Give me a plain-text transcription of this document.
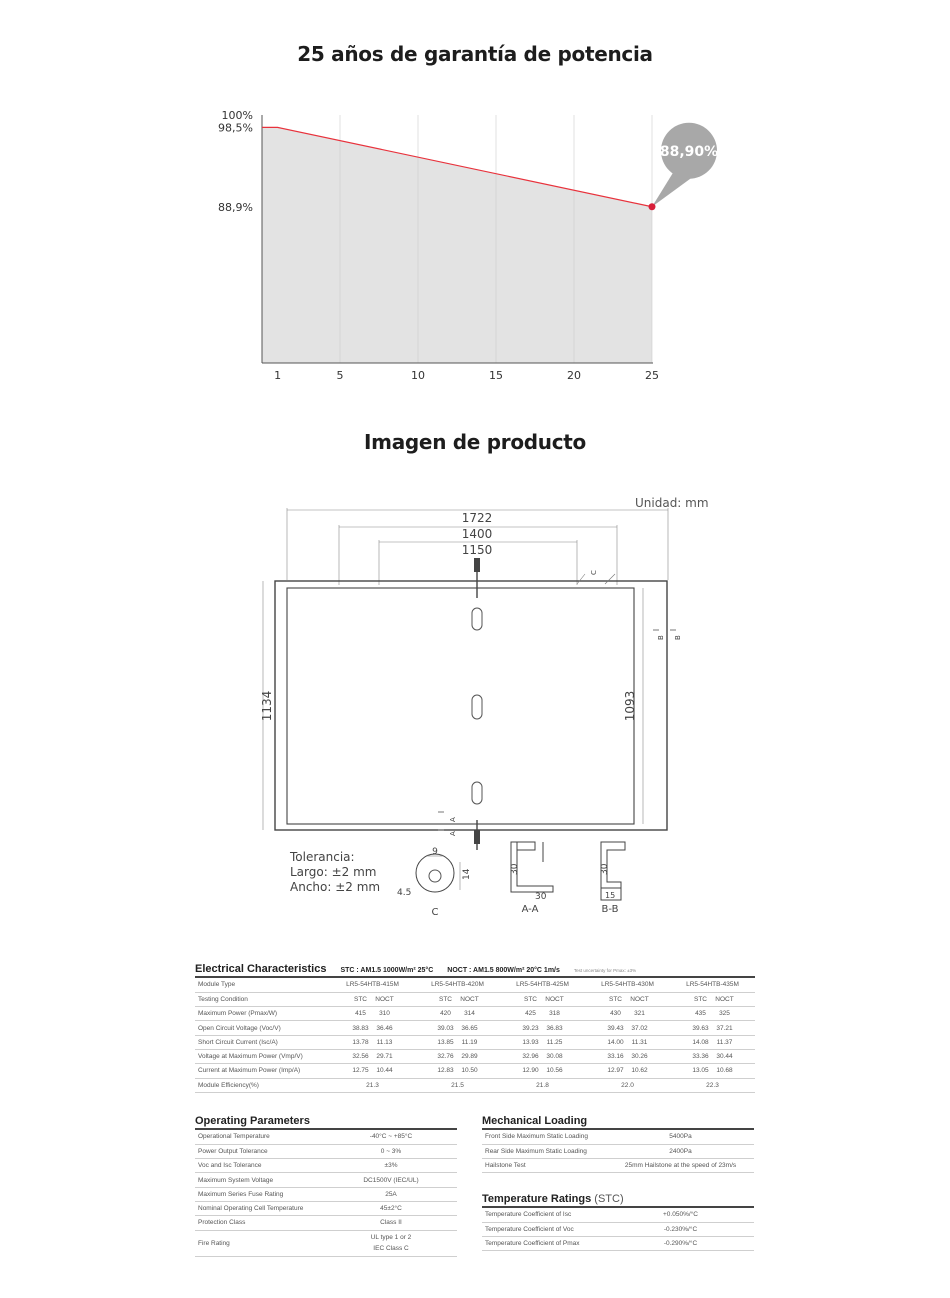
25 años de garantía de potencia
100%
98,5%
88,9%
1	5	10	15	20	25
88,90%
Imagen de producto
Unidad: mm
1722
1400
1150
1134	1093
C
B B
A
A
Tolerancia:
Largo: ±2 mm
Ancho: ±2 mm
C
9
14
4.5
A-A
30
30
B-B
30
15
Electrical Characteristics STC : AM1.5 1000W/m² 25°C NOCT : AM1.5 800W/m² 20°C 1m/s	Test uncertainty for Pmax: ±3%
Module Type	LR5-54HTB-415M	LR5-54HTB-420M	LR5-54HTB-425M	LR5-54HTB-430M	LR5-54HTB-435M
Testing Condition	STC NOCT	STC NOCT	STC NOCT	STC NOCT	STC NOCT
Maximum Power (Pmax/W)	415 310	420 314	425 318	430 321	435 325
Open Circuit Voltage (Voc/V)	38.83 36.46	39.03 36.65	39.23 36.83	39.43 37.02	39.63 37.21
Short Circuit Current (Isc/A)	13.78 11.13	13.85 11.19	13.93 11.25	14.00 11.31	14.08 11.37
Voltage at Maximum Power (Vmp/V)	32.56 29.71	32.76 29.89	32.96 30.08	33.16 30.26	33.36 30.44
Current at Maximum Power (Imp/A)	12.75 10.44	12.83 10.50	12.90 10.56	12.97 10.62	13.05 10.68
Module Efficiency(%)	21.3	21.5	21.8	22.0	22.3
Operating Parameters
Operational Temperature	-40°C ~ +85°C
Power Output Tolerance	0 ~ 3%
Voc and Isc Tolerance	±3%
Maximum System Voltage	DC1500V (IEC/UL)
Maximum Series Fuse Rating	25A
Nominal Operating Cell Temperature	45±2°C
Protection Class	Class II
Fire Rating	UL type 1 or 2
IEC Class C
Mechanical Loading
Front Side Maximum Static Loading	5400Pa
Rear Side Maximum Static Loading	2400Pa
Hailstone Test	25mm Hailstone at the speed of 23m/s
Temperature Ratings (STC)
Temperature Coefficient of Isc	+0.050%/°C
Temperature Coefficient of Voc	-0.230%/°C
Temperature Coefficient of Pmax	-0.290%/°C
